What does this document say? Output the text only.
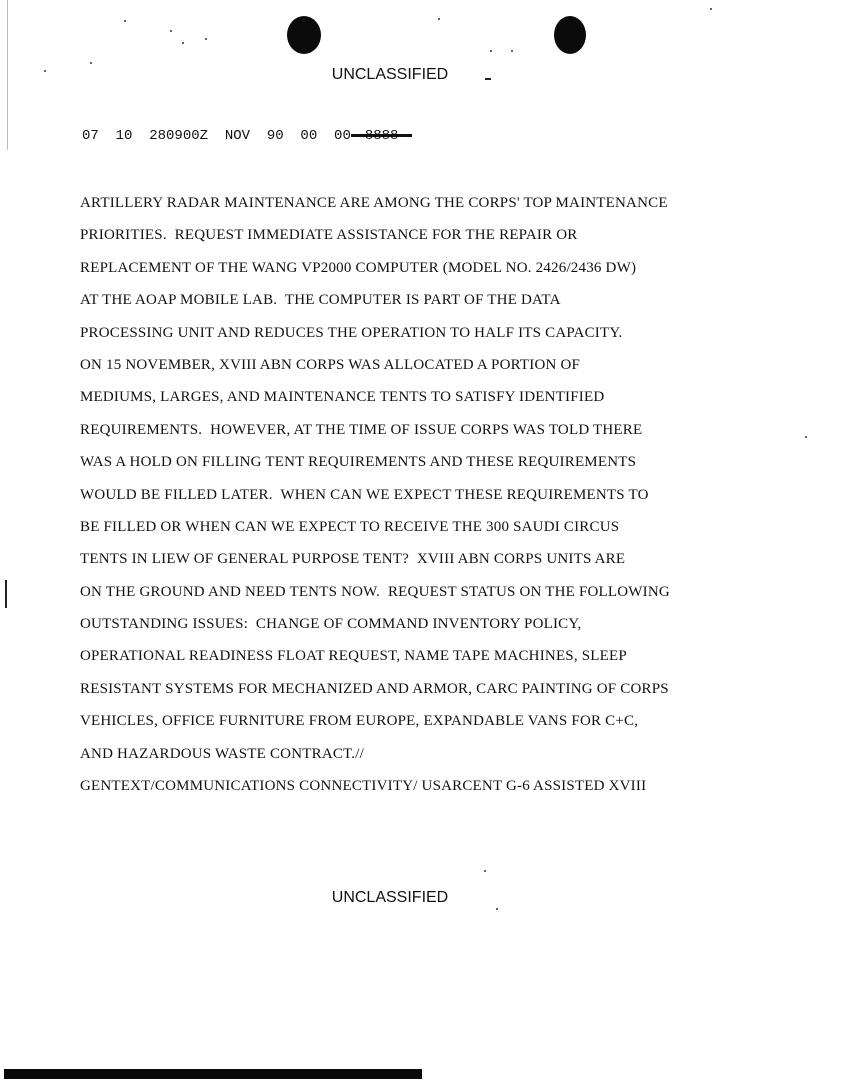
UNCLASSIFIED
07  10  280900Z  NOV  90  00  00 8888
ARTILLERY RADAR MAINTENANCE ARE AMONG THE CORPS' TOP MAINTENANCE
PRIORITIES.  REQUEST IMMEDIATE ASSISTANCE FOR THE REPAIR OR
REPLACEMENT OF THE WANG VP2000 COMPUTER (MODEL NO. 2426/2436 DW)
AT THE AOAP MOBILE LAB.  THE COMPUTER IS PART OF THE DATA
PROCESSING UNIT AND REDUCES THE OPERATION TO HALF ITS CAPACITY.
ON 15 NOVEMBER, XVIII ABN CORPS WAS ALLOCATED A PORTION OF
MEDIUMS, LARGES, AND MAINTENANCE TENTS TO SATISFY IDENTIFIED
REQUIREMENTS.  HOWEVER, AT THE TIME OF ISSUE CORPS WAS TOLD THERE
WAS A HOLD ON FILLING TENT REQUIREMENTS AND THESE REQUIREMENTS
WOULD BE FILLED LATER.  WHEN CAN WE EXPECT THESE REQUIREMENTS TO
BE FILLED OR WHEN CAN WE EXPECT TO RECEIVE THE 300 SAUDI CIRCUS
TENTS IN LIEW OF GENERAL PURPOSE TENT?  XVIII ABN CORPS UNITS ARE
ON THE GROUND AND NEED TENTS NOW.  REQUEST STATUS ON THE FOLLOWING
OUTSTANDING ISSUES:  CHANGE OF COMMAND INVENTORY POLICY,
OPERATIONAL READINESS FLOAT REQUEST, NAME TAPE MACHINES, SLEEP
RESISTANT SYSTEMS FOR MECHANIZED AND ARMOR, CARC PAINTING OF CORPS
VEHICLES, OFFICE FURNITURE FROM EUROPE, EXPANDABLE VANS FOR C+C,
AND HAZARDOUS WASTE CONTRACT.//
GENTEXT/COMMUNICATIONS CONNECTIVITY/ USARCENT G-6 ASSISTED XVIII
UNCLASSIFIED
